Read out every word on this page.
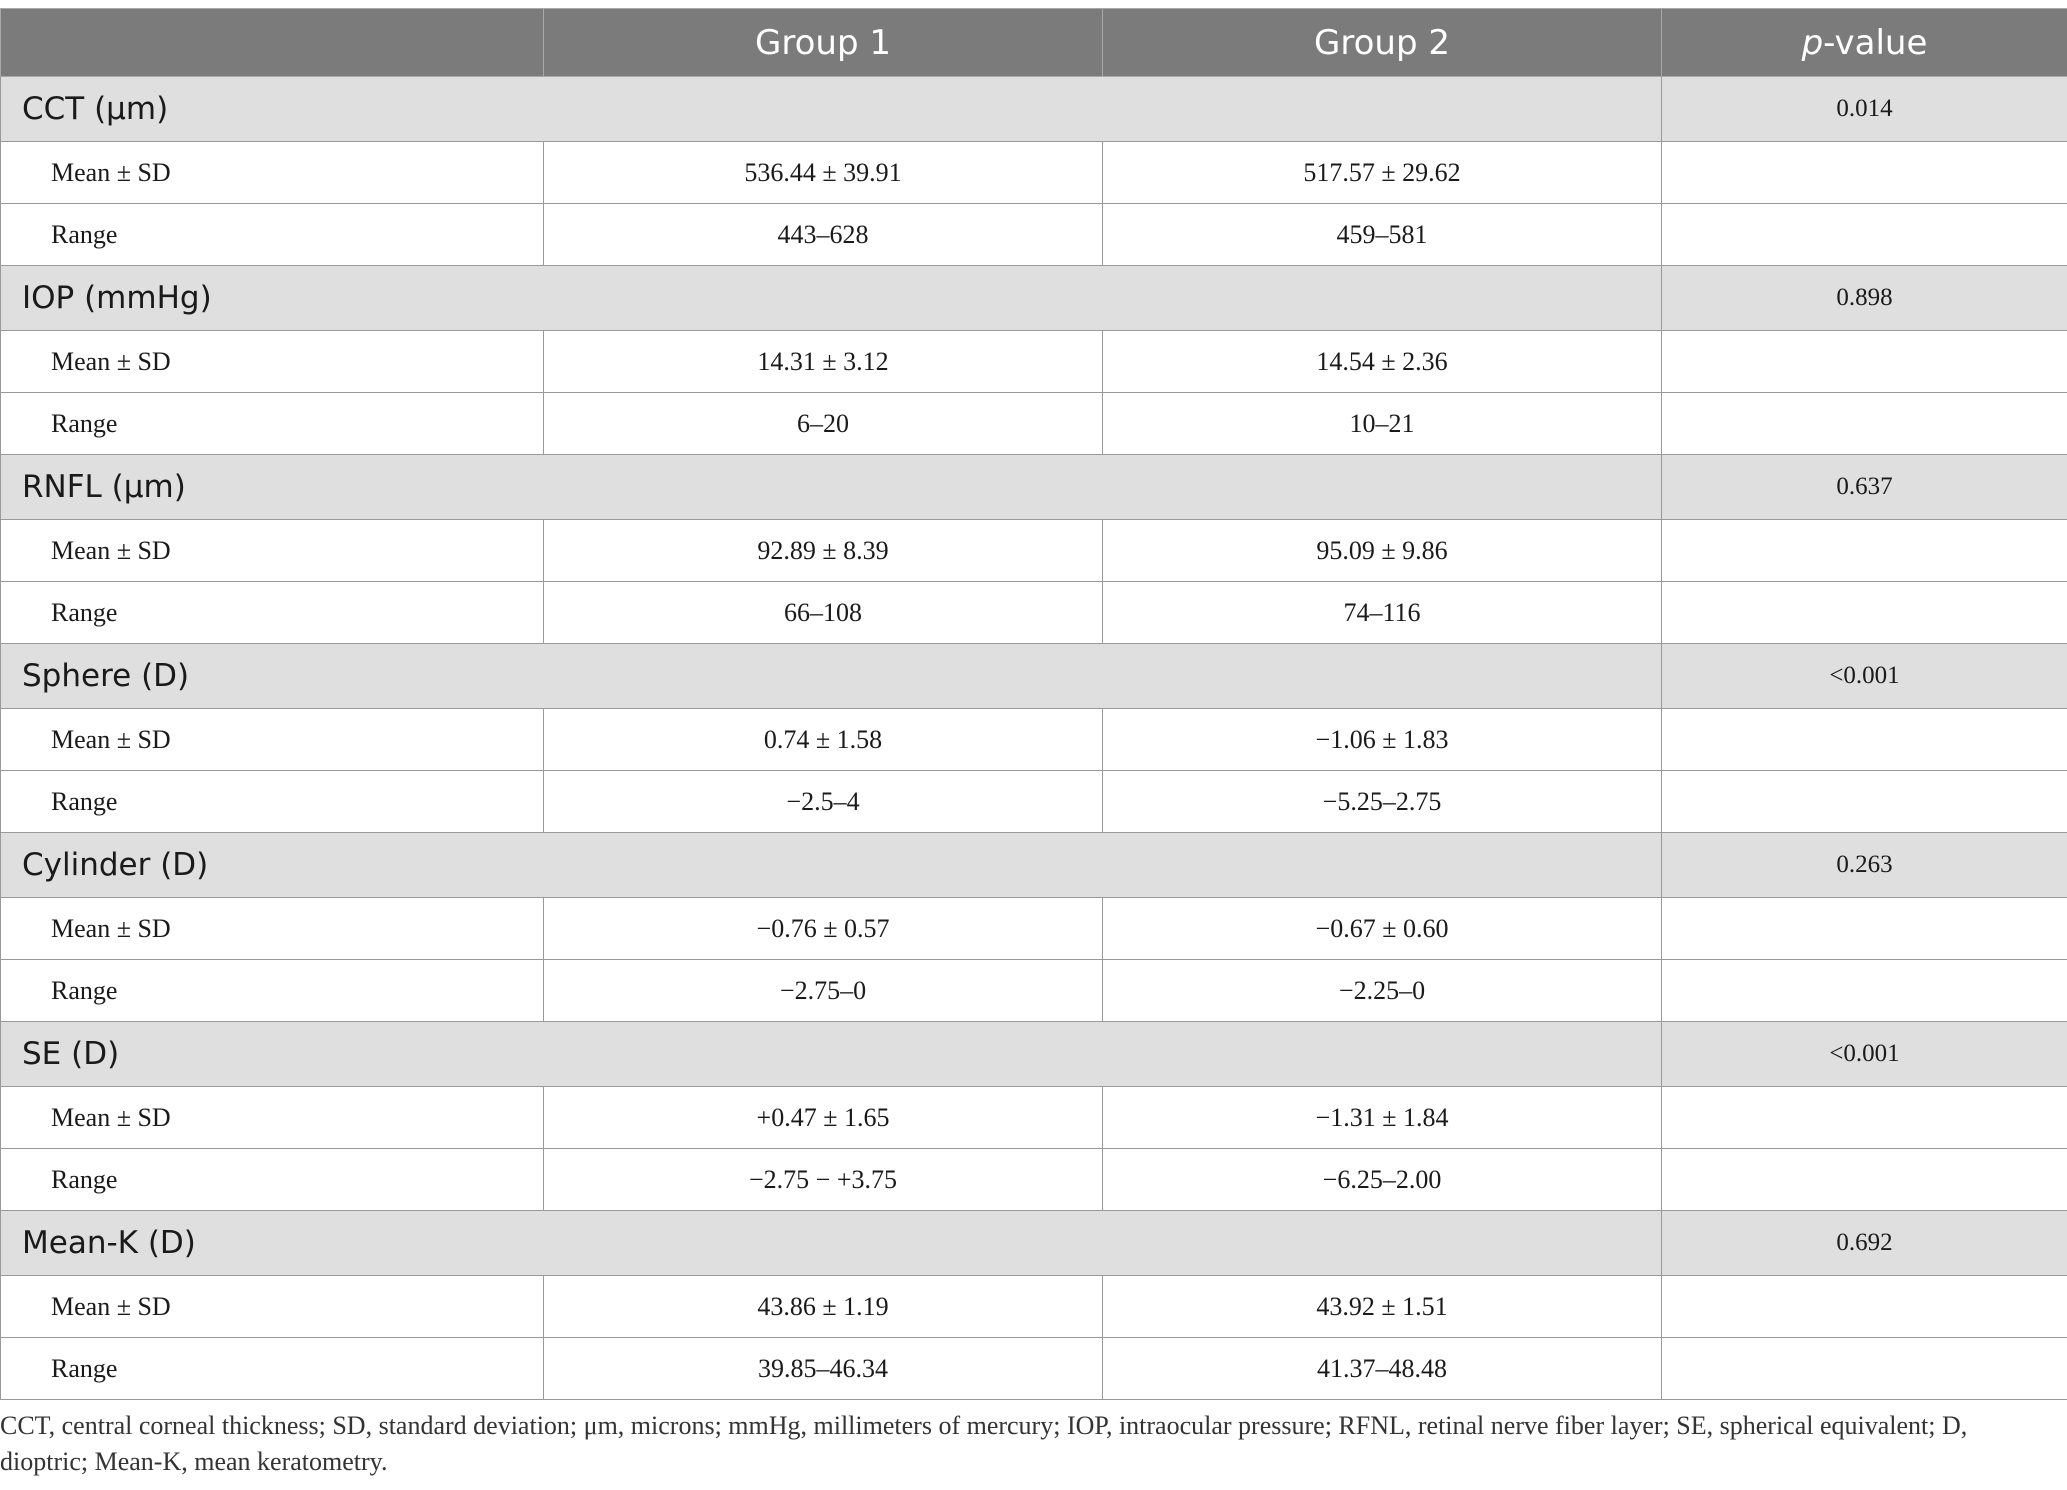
	Group 1	Group 2	p-value
CCT (μm)			0.014
Mean ± SD	536.44 ± 39.91	517.57 ± 29.62	
Range	443–628	459–581	
IOP (mmHg)			0.898
Mean ± SD	14.31 ± 3.12	14.54 ± 2.36	
Range	6–20	10–21	
RNFL (μm)			0.637
Mean ± SD	92.89 ± 8.39	95.09 ± 9.86	
Range	66–108	74–116	
Sphere (D)			<0.001
Mean ± SD	0.74 ± 1.58	−1.06 ± 1.83	
Range	−2.5–4	−5.25–2.75	
Cylinder (D)			0.263
Mean ± SD	−0.76 ± 0.57	−0.67 ± 0.60	
Range	−2.75–0	−2.25–0	
SE (D)			<0.001
Mean ± SD	+0.47 ± 1.65	−1.31 ± 1.84	
Range	−2.75 − +3.75	−6.25–2.00	
Mean-K (D)			0.692
Mean ± SD	43.86 ± 1.19	43.92 ± 1.51	
Range	39.85–46.34	41.37–48.48	
CCT, central corneal thickness; SD, standard deviation; μm, microns; mmHg, millimeters of mercury; IOP, intraocular pressure; RFNL, retinal nerve fiber layer; SE, spherical equivalent; D, dioptric; Mean-K, mean keratometry.
